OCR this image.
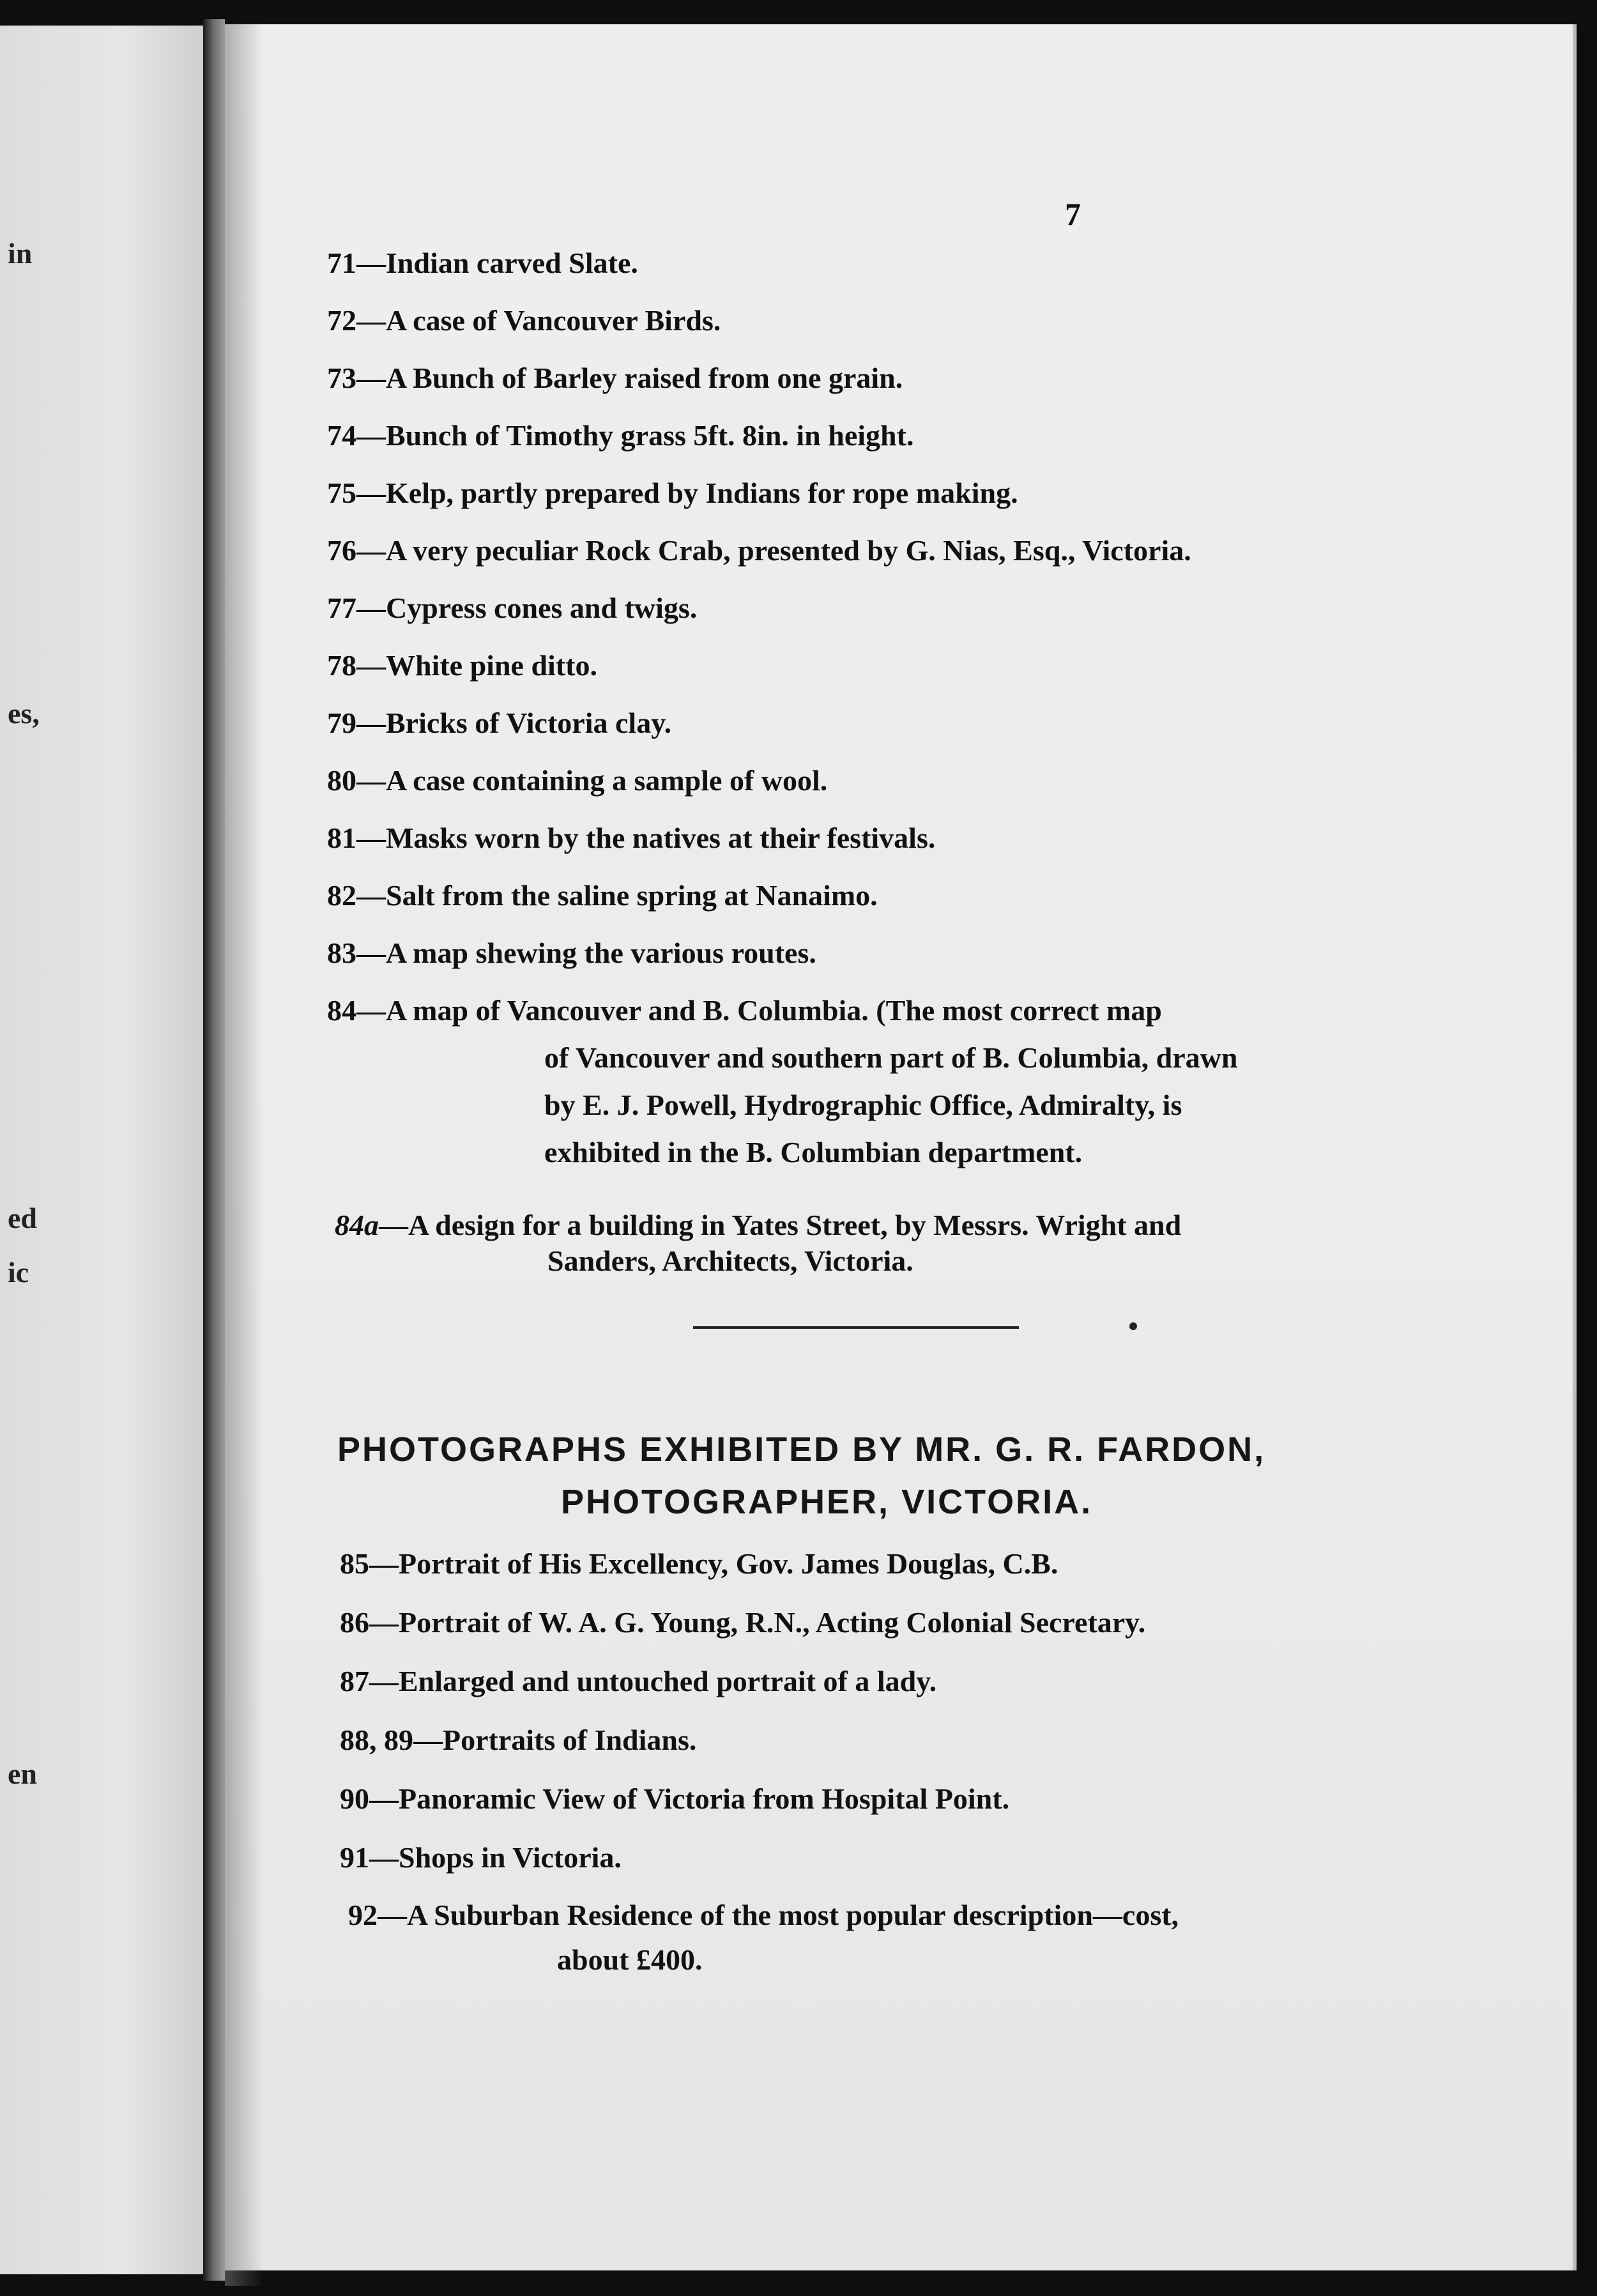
in
es,
ed
ic
en
7
71—Indian carved Slate.
72—A case of Vancouver Birds.
73—A Bunch of Barley raised from one grain.
74—Bunch of Timothy grass 5ft. 8in. in height.
75—Kelp, partly prepared by Indians for rope making.
76—A very peculiar Rock Crab, presented by G. Nias, Esq., Victoria.
77—Cypress cones and twigs.
78—White pine ditto.
79—Bricks of Victoria clay.
80—A case containing a sample of wool.
81—Masks worn by the natives at their festivals.
82—Salt from the saline spring at Nanaimo.
83—A map shewing the various routes.
84—A map of Vancouver and B. Columbia. (The most correct map
of Vancouver and southern part of B. Columbia, drawn
by E. J. Powell, Hydrographic Office, Admiralty, is
exhibited in the B. Columbian department.
84a—A design for a building in Yates Street, by Messrs. Wright and
Sanders, Architects, Victoria.
PHOTOGRAPHS EXHIBITED BY MR. G. R. FARDON,
PHOTOGRAPHER, VICTORIA.
85—Portrait of His Excellency, Gov. James Douglas, C.B.
86—Portrait of W. A. G. Young, R.N., Acting Colonial Secretary.
87—Enlarged and untouched portrait of a lady.
88, 89—Portraits of Indians.
90—Panoramic View of Victoria from Hospital Point.
91—Shops in Victoria.
92—A Suburban Residence of the most popular description—cost,
about £400.
